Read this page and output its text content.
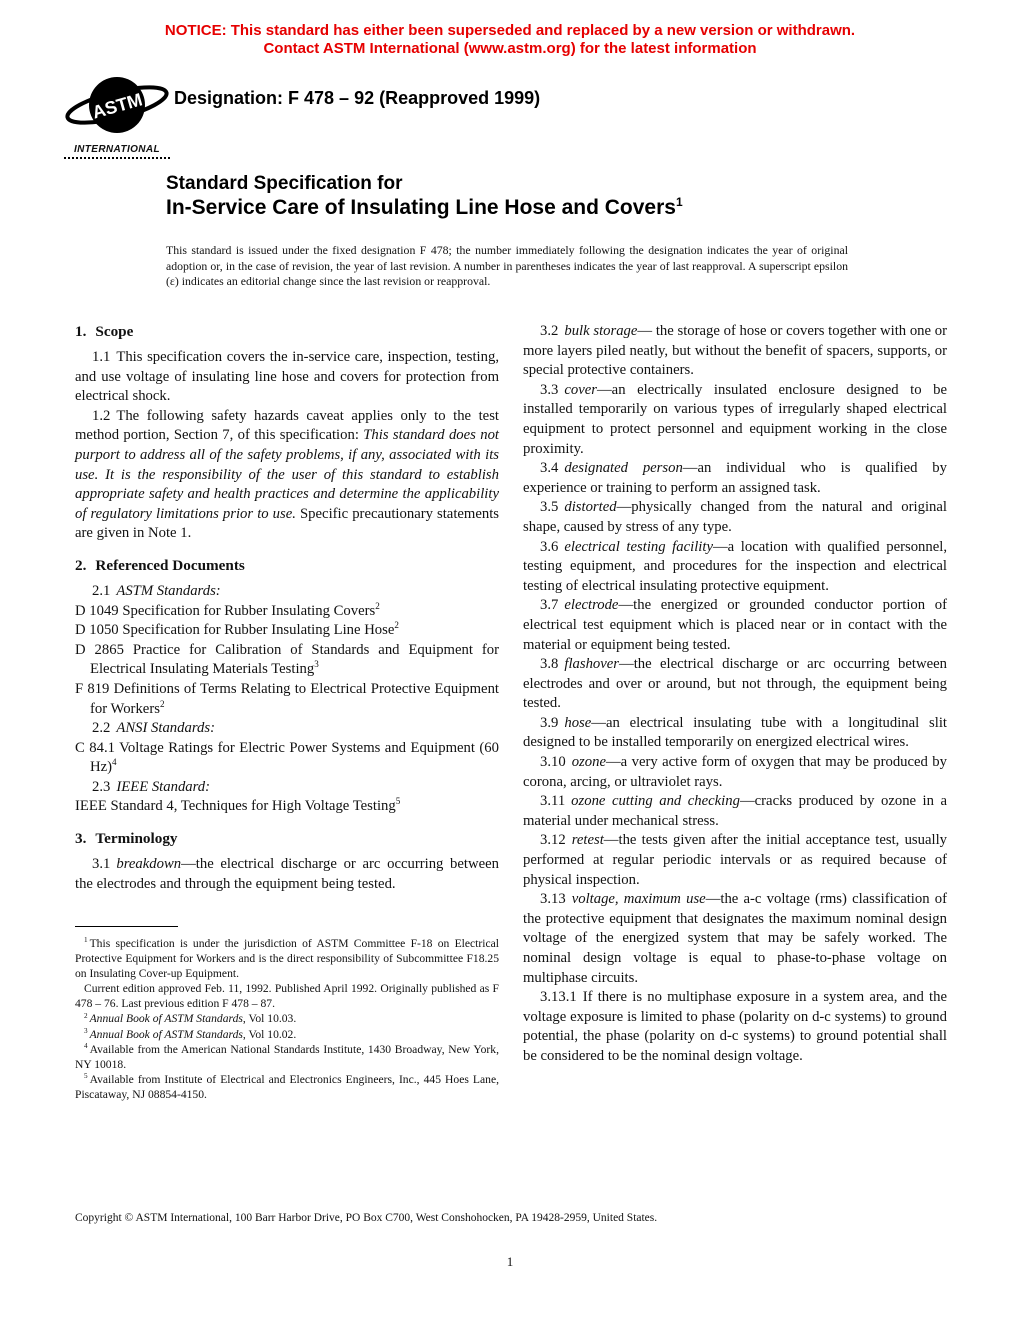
NOTICE: This standard has either been superseded and replaced by a new version or withdrawn.
Contact ASTM International (www.astm.org) for the latest information
ASTM
INTERNATIONAL
Designation: F 478 – 92 (Reapproved 1999)
Standard Specification for
In-Service Care of Insulating Line Hose and Covers$^1$
This standard is issued under the fixed designation F 478; the number immediately following the designation indicates the year of original adoption or, in the case of revision, the year of last revision. A number in parentheses indicates the year of last reapproval. A superscript epsilon (ε) indicates an editorial change since the last revision or reapproval.
1. Scope

1.1 This specification covers the in-service care, inspection, testing, and use voltage of insulating line hose and covers for protection from electrical shock.

1.2 The following safety hazards caveat applies only to the test method portion, Section 7, of this specification: This standard does not purport to address all of the safety problems, if any, associated with its use. It is the responsibility of the user of this standard to establish appropriate safety and health practices and determine the applicability of regulatory limitations prior to use. Specific precautionary statements are given in Note 1.

2. Referenced Documents

2.1 ASTM Standards:

D 1049 Specification for Rubber Insulating Covers$^2$
D 1050 Specification for Rubber Insulating Line Hose$^2$
D 2865 Practice for Calibration of Standards and Equipment for Electrical Insulating Materials Testing$^3$
F 819 Definitions of Terms Relating to Electrical Protective Equipment for Workers$^2$

2.2 ANSI Standards:

C 84.1 Voltage Ratings for Electric Power Systems and Equipment (60 Hz)$^4$

2.3 IEEE Standard:

IEEE Standard 4, Techniques for High Voltage Testing$^5$
3. Terminology

3.1 breakdown—the electrical discharge or arc occurring between the electrodes and through the equipment being tested.

3.2 bulk storage— the storage of hose or covers together with one or more layers piled neatly, but without the benefit of spacers, supports, or special protective containers.

3.3 cover—an electrically insulated enclosure designed to be installed temporarily on various types of irregularly shaped electrical equipment to protect personnel and equipment working in the close proximity.

3.4 designated person—an individual who is qualified by experience or training to perform an assigned task.

3.5 distorted—physically changed from the natural and original shape, caused by stress of any type.

3.6 electrical testing facility—a location with qualified personnel, testing equipment, and procedures for the inspection and electrical testing of electrical insulating protective equipment.

3.7 electrode—the energized or grounded conductor portion of electrical test equipment which is placed near or in contact with the material or equipment being tested.

3.8 flashover—the electrical discharge or arc occurring between electrodes and over or around, but not through, the equipment being tested.

3.9 hose—an electrical insulating tube with a longitudinal slit designed to be installed temporarily on energized electrical wires.

3.10 ozone—a very active form of oxygen that may be produced by corona, arcing, or ultraviolet rays.

3.11 ozone cutting and checking—cracks produced by ozone in a material under mechanical stress.

3.12 retest—the tests given after the initial acceptance test, usually performed at regular periodic intervals or as required because of physical inspection.

3.13 voltage, maximum use—the a-c voltage (rms) classification of the protective equipment that designates the maximum nominal design voltage of the energized system that may be safely worked. The nominal design voltage is equal to phase-to-phase voltage on multiphase circuits.

3.13.1 If there is no multiphase exposure in a system area, and the voltage exposure is limited to phase (polarity on d-c systems) to ground potential, the phase (polarity on d-c systems) to ground potential shall be considered to be the nominal design voltage.

$^1$ This specification is under the jurisdiction of ASTM Committee F-18 on Electrical Protective Equipment for Workers and is the direct responsibility of Subcommittee F18.25 on Insulating Cover-up Equipment.

Current edition approved Feb. 11, 1992. Published April 1992. Originally published as F 478 – 76. Last previous edition F 478 – 87.

$^2$ Annual Book of ASTM Standards, Vol 10.03.

$^3$ Annual Book of ASTM Standards, Vol 10.02.

$^4$ Available from the American National Standards Institute, 1430 Broadway, New York, NY 10018.

$^5$ Available from Institute of Electrical and Electronics Engineers, Inc., 445 Hoes Lane, Piscataway, NJ 08854-4150.

Copyright © ASTM International, 100 Barr Harbor Drive, PO Box C700, West Conshohocken, PA 19428-2959, United States.
1
